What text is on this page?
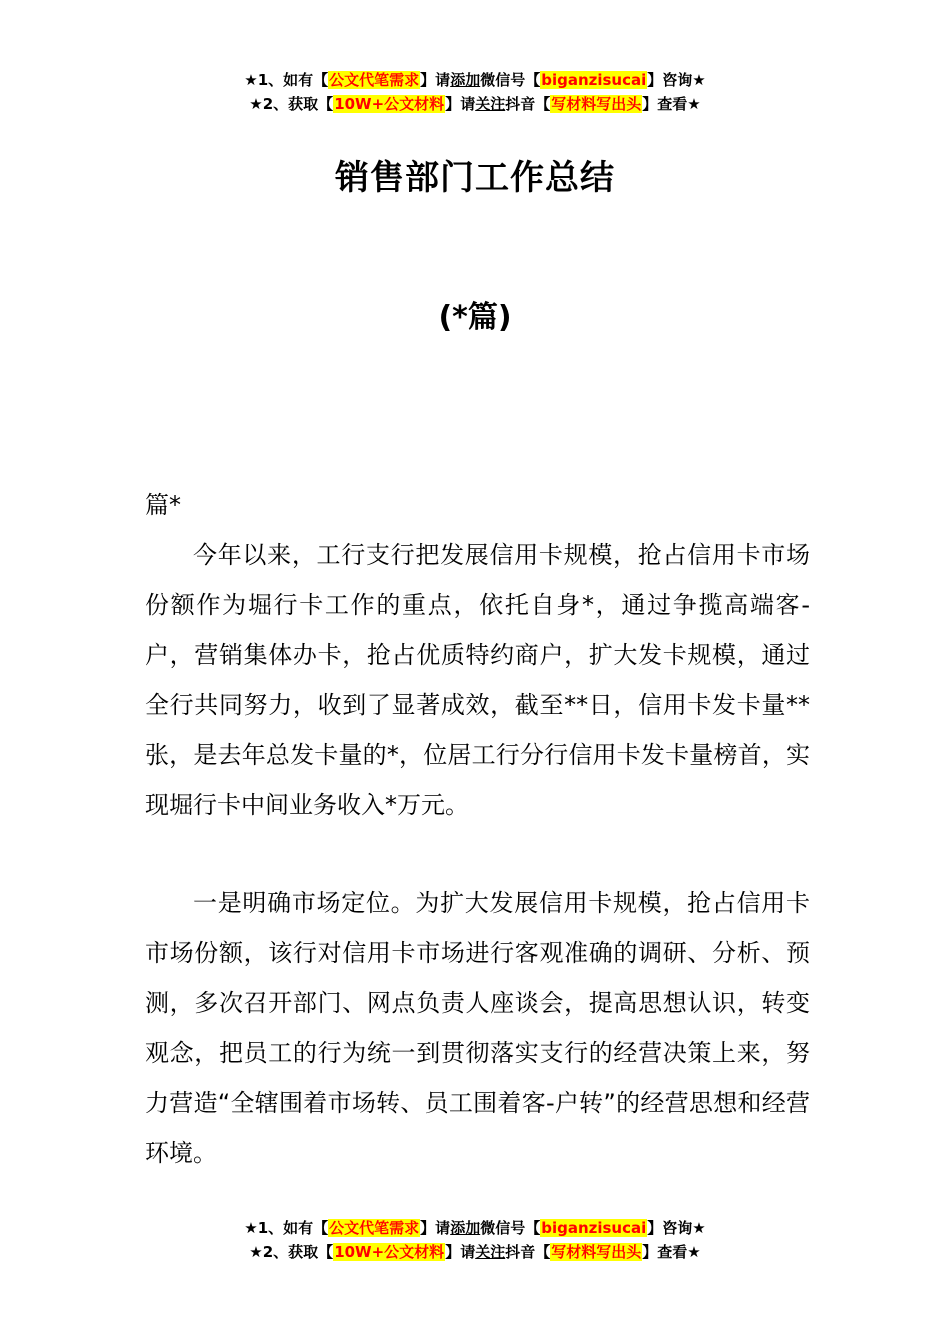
★1、如有【公文代笔需求】请添加微信号【biganzisucai】咨询★
★2、获取【10W+公文材料】请关注抖音【写材料写出头】查看★
销售部门工作总结
(*篇)
篇*

今年以来，工行支行把发展信用卡规模，抢占信用卡市场份额作为堀行卡工作的重点，依托自身*，通过争揽高端客-户，营销集体办卡，抢占优质特约商户，扩大发卡规模，通过全行共同努力，收到了显著成效，截至**日，信用卡发卡量**张，是去年总发卡量的*，位居工行分行信用卡发卡量榜首，实现堀行卡中间业务收入*万元。

一是明确市场定位。为扩大发展信用卡规模，抢占信用卡市场份额，该行对信用卡市场进行客观准确的调研、分析、预测，多次召开部门、网点负责人座谈会，提高思想认识，转变观念，把员工的行为统一到贯彻落实支行的经营决策上来，努力营造“全辖围着市场转、员工围着客-户转”的经营思想和经营环境。

★1、如有【公文代笔需求】请添加微信号【biganzisucai】咨询★
★2、获取【10W+公文材料】请关注抖音【写材料写出头】查看★
